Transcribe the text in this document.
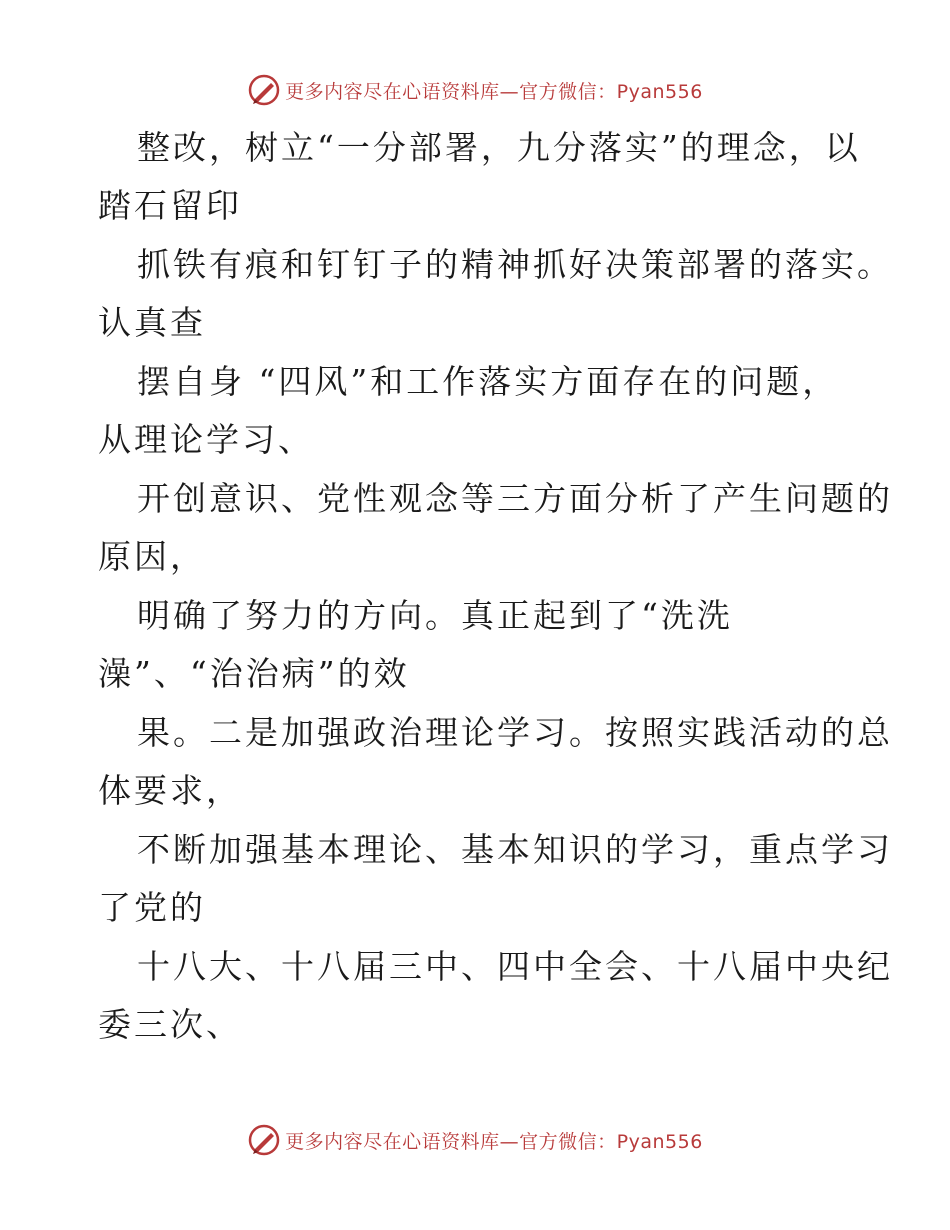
更多内容尽在心语资料库—官方微信：Pyan556
整改，树立“一分部署，九分落实”的理念，以
踏石留印
抓铁有痕和钉钉子的精神抓好决策部署的落实。
认真查
摆自身 “四风”和工作落实方面存在的问题，
从理论学习、
开创意识、党性观念等三方面分析了产生问题的
原因，
明确了努力的方向。真正起到了“洗洗
澡”、“治治病”的效
果。二是加强政治理论学习。按照实践活动的总
体要求，
不断加强基本理论、基本知识的学习，重点学习
了党的
十八大、十八届三中、四中全会、十八届中央纪
委三次、
更多内容尽在心语资料库—官方微信：Pyan556
